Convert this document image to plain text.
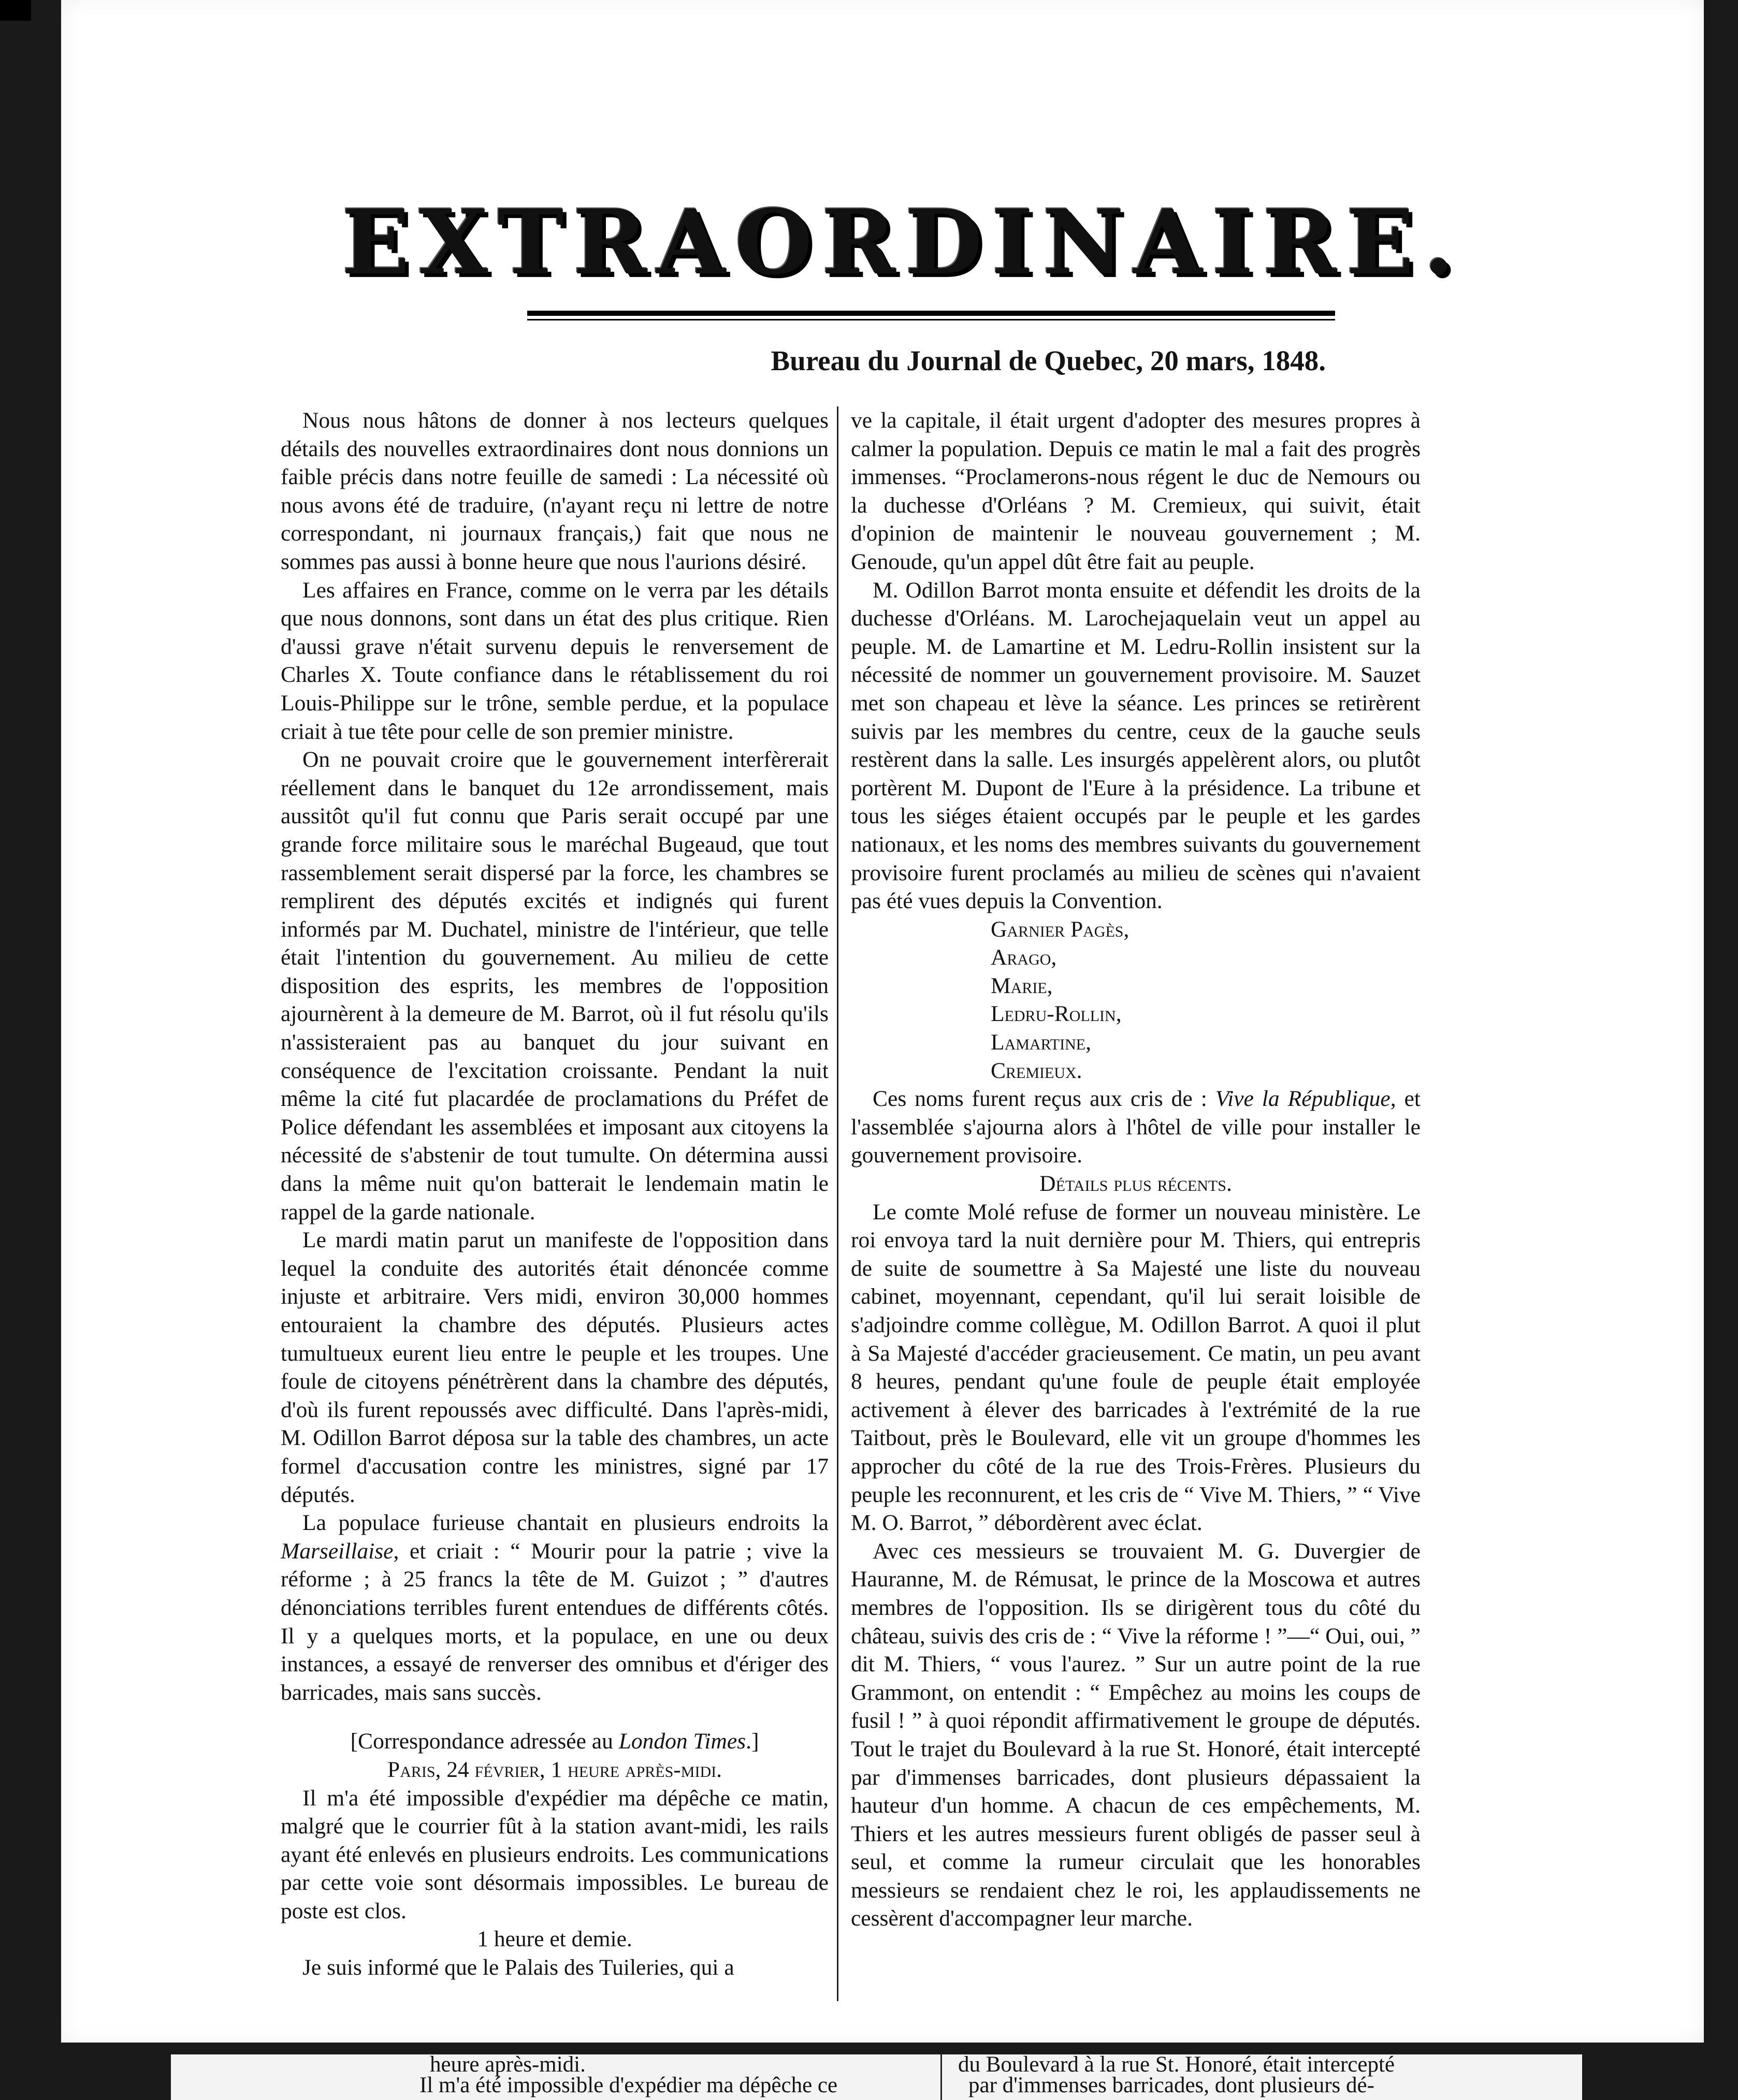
EXTRAORDINAIRE.
Bureau du Journal de Quebec, 20 mars, 1848.

Nous nous hâtons de donner à nos lecteurs quelques détails des nouvelles extraordinaires dont nous donnions un faible précis dans notre feuille de samedi : La nécessité où nous avons été de traduire, (n'ayant reçu ni lettre de notre correspondant, ni journaux français,) fait que nous ne sommes pas aussi à bonne heure que nous l'aurions désiré.

Les affaires en France, comme on le verra par les détails que nous donnons, sont dans un état des plus critique. Rien d'aussi grave n'était survenu depuis le renversement de Charles X. Toute confiance dans le rétablissement du roi Louis-Philippe sur le trône, semble perdue, et la populace criait à tue tête pour celle de son premier ministre.

On ne pouvait croire que le gouvernement interfèrerait réellement dans le banquet du 12e arrondissement, mais aussitôt qu'il fut connu que Paris serait occupé par une grande force militaire sous le maréchal Bugeaud, que tout rassemblement serait dispersé par la force, les chambres se remplirent des députés excités et indignés qui furent informés par M. Duchatel, ministre de l'intérieur, que telle était l'intention du gouvernement. Au milieu de cette disposition des esprits, les membres de l'opposition ajournèrent à la demeure de M. Barrot, où il fut résolu qu'ils n'assisteraient pas au banquet du jour suivant en conséquence de l'excitation croissante. Pendant la nuit même la cité fut placardée de proclamations du Préfet de Police défendant les assemblées et imposant aux citoyens la nécessité de s'abstenir de tout tumulte. On détermina aussi dans la même nuit qu'on batterait le lendemain matin le rappel de la garde nationale.

Le mardi matin parut un manifeste de l'opposition dans lequel la conduite des autorités était dénoncée comme injuste et arbitraire. Vers midi, environ 30,000 hommes entouraient la chambre des députés. Plusieurs actes tumultueux eurent lieu entre le peuple et les troupes. Une foule de citoyens pénétrèrent dans la chambre des députés, d'où ils furent repoussés avec difficulté. Dans l'après-midi, M. Odillon Barrot déposa sur la table des chambres, un acte formel d'accusation contre les ministres, signé par 17 députés.

La populace furieuse chantait en plusieurs endroits la Marseillaise, et criait : “ Mourir pour la patrie ; vive la réforme ; à 25 francs la tête de M. Guizot ; ” d'autres dénonciations terribles furent entendues de différents côtés. Il y a quelques morts, et la populace, en une ou deux instances, a essayé de renverser des omnibus et d'ériger des barricades, mais sans succès.

[Correspondance adressée au London Times.]

Paris, 24 février, 1 heure après-midi.

Il m'a été impossible d'expédier ma dépêche ce matin, malgré que le courrier fût à la station avant-midi, les rails ayant été enlevés en plusieurs endroits. Les communications par cette voie sont désormais impossibles. Le bureau de poste est clos.

1 heure et demie.

Je suis informé que le Palais des Tuileries, qui a

ve la capitale, il était urgent d'adopter des mesures propres à calmer la population. Depuis ce matin le mal a fait des progrès immenses. “Proclamerons-nous régent le duc de Nemours ou la duchesse d'Orléans ? M. Cremieux, qui suivit, était d'opinion de maintenir le nouveau gouvernement ; M. Genoude, qu'un appel dût être fait au peuple.

M. Odillon Barrot monta ensuite et défendit les droits de la duchesse d'Orléans. M. Larochejaquelain veut un appel au peuple. M. de Lamartine et M. Ledru-Rollin insistent sur la nécessité de nommer un gouvernement provisoire. M. Sauzet met son chapeau et lève la séance. Les princes se retirèrent suivis par les membres du centre, ceux de la gauche seuls restèrent dans la salle. Les insurgés appelèrent alors, ou plutôt portèrent M. Dupont de l'Eure à la présidence. La tribune et tous les siéges étaient occupés par le peuple et les gardes nationaux, et les noms des membres suivants du gouvernement provisoire furent proclamés au milieu de scènes qui n'avaient pas été vues depuis la Convention.

Garnier Pagès,
Arago,
Marie,
Ledru-Rollin,
Lamartine,
Cremieux.

Ces noms furent reçus aux cris de : Vive la République, et l'assemblée s'ajourna alors à l'hôtel de ville pour installer le gouvernement provisoire.

Détails plus récents.

Le comte Molé refuse de former un nouveau ministère. Le roi envoya tard la nuit dernière pour M. Thiers, qui entrepris de suite de soumettre à Sa Majesté une liste du nouveau cabinet, moyennant, cependant, qu'il lui serait loisible de s'adjoindre comme collègue, M. Odillon Barrot. A quoi il plut à Sa Majesté d'accéder gracieusement. Ce matin, un peu avant 8 heures, pendant qu'une foule de peuple était employée activement à élever des barricades à l'extrémité de la rue Taitbout, près le Boulevard, elle vit un groupe d'hommes les approcher du côté de la rue des Trois-Frères. Plusieurs du peuple les reconnurent, et les cris de “ Vive M. Thiers, ” “ Vive M. O. Barrot, ” débordèrent avec éclat.

Avec ces messieurs se trouvaient M. G. Duvergier de Hauranne, M. de Rémusat, le prince de la Moscowa et autres membres de l'opposition. Ils se dirigèrent tous du côté du château, suivis des cris de : “ Vive la réforme ! ”—“ Oui, oui, ” dit M. Thiers, “ vous l'aurez. ” Sur un autre point de la rue Grammont, on entendit : “ Empêchez au moins les coups de fusil ! ” à quoi répondit affirmativement le groupe de députés. Tout le trajet du Boulevard à la rue St. Honoré, était intercepté par d'immenses barricades, dont plusieurs dépassaient la hauteur d'un homme. A chacun de ces empêchements, M. Thiers et les autres messieurs furent obligés de passer seul à seul, et comme la rumeur circulait que les honorables messieurs se rendaient chez le roi, les applaudissements ne cessèrent d'accompagner leur marche.

heure après-midi.
Il m'a été impossible d'expédier ma dépêche ce
du Boulevard à la rue St. Honoré, était intercepté
par d'immenses barricades, dont plusieurs dé-
